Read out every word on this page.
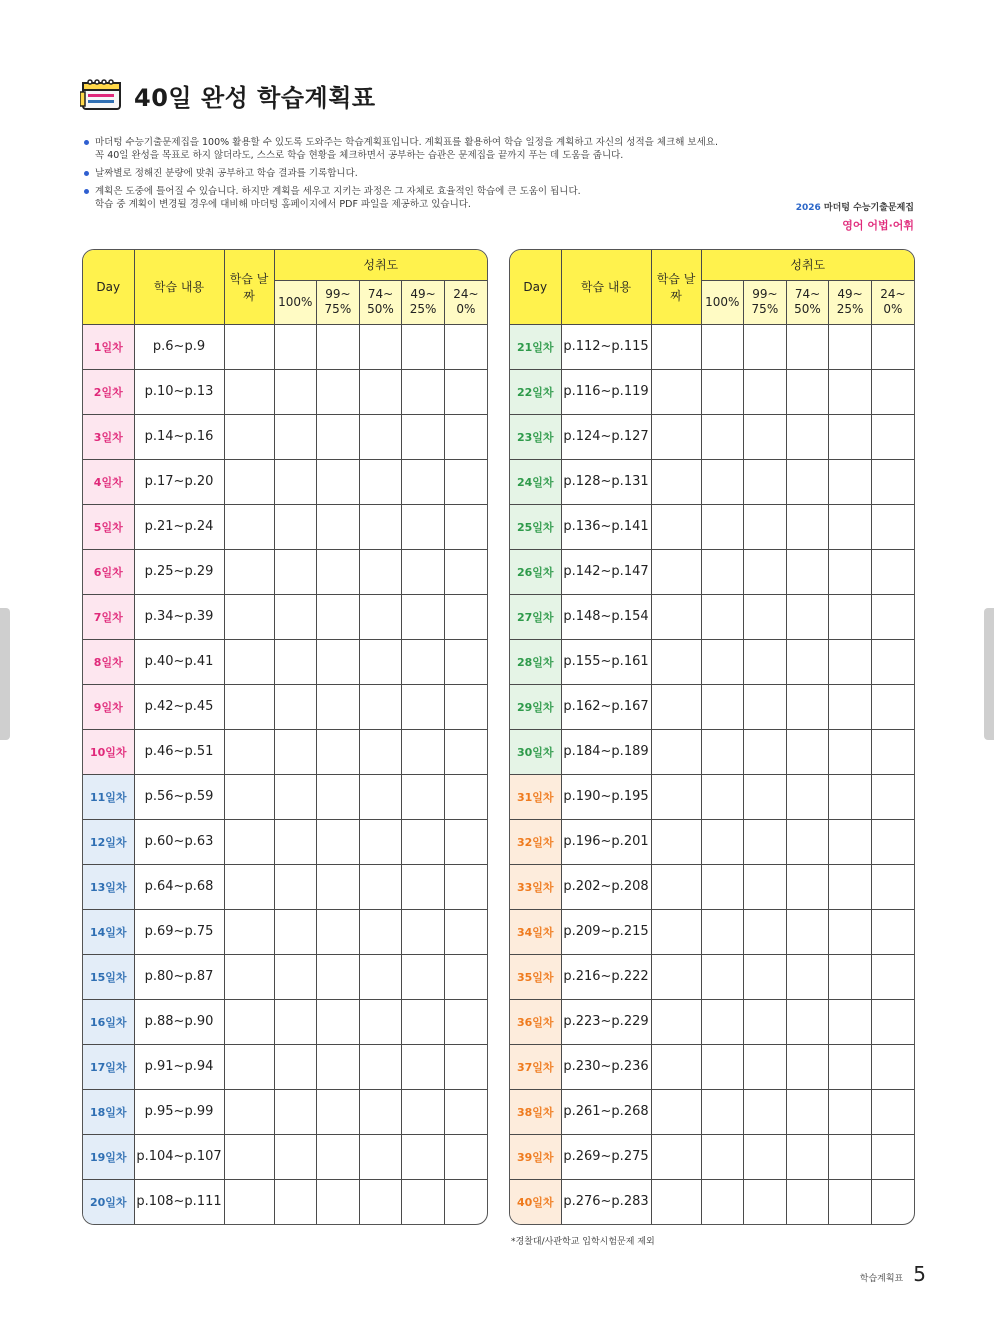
40일 완성 학습계획표
마더텅 수능기출문제집을 100% 활용할 수 있도록 도와주는 학습계획표입니다. 계획표를 활용하여 학습 일정을 계획하고 자신의 성적을 체크해 보세요.
꼭 40일 완성을 목표로 하지 않더라도, 스스로 학습 현황을 체크하면서 공부하는 습관은 문제집을 끝까지 푸는 데 도움을 줍니다.
날짜별로 정해진 분량에 맞춰 공부하고 학습 결과를 기록합니다.
계획은 도중에 틀어질 수 있습니다. 하지만 계획을 세우고 지키는 과정은 그 자체로 효율적인 학습에 큰 도움이 됩니다.
학습 중 계획이 변경될 경우에 대비해 마더텅 홈페이지에서 PDF 파일을 제공하고 있습니다.	2026 마더텅 수능기출문제집
영어 어법·어휘
Day	학습 내용	학습 날짜	성취도				
			100%	99~ 75%	74~ 50%	49~ 25%	24~ 0%
1일차	p.6~p.9						
2일차	p.10~p.13						
3일차	p.14~p.16						
4일차	p.17~p.20						
5일차	p.21~p.24						
6일차	p.25~p.29						
7일차	p.34~p.39						
8일차	p.40~p.41						
9일차	p.42~p.45						
10일차	p.46~p.51						
11일차	p.56~p.59						
12일차	p.60~p.63						
13일차	p.64~p.68						
14일차	p.69~p.75						
15일차	p.80~p.87						
16일차	p.88~p.90						
17일차	p.91~p.94						
18일차	p.95~p.99						
19일차	p.104~p.107						
20일차	p.108~p.111						
Day	학습 내용	학습 날짜	성취도				
			100%	99~ 75%	74~ 50%	49~ 25%	24~ 0%
21일차	p.112~p.115						
22일차	p.116~p.119						
23일차	p.124~p.127						
24일차	p.128~p.131						
25일차	p.136~p.141						
26일차	p.142~p.147						
27일차	p.148~p.154						
28일차	p.155~p.161						
29일차	p.162~p.167						
30일차	p.184~p.189						
31일차	p.190~p.195						
32일차	p.196~p.201						
33일차	p.202~p.208						
34일차	p.209~p.215						
35일차	p.216~p.222						
36일차	p.223~p.229						
37일차	p.230~p.236						
38일차	p.261~p.268						
39일차	p.269~p.275						
40일차	p.276~p.283						
*경찰대/사관학교 입학시험문제 제외
학습계획표 5
